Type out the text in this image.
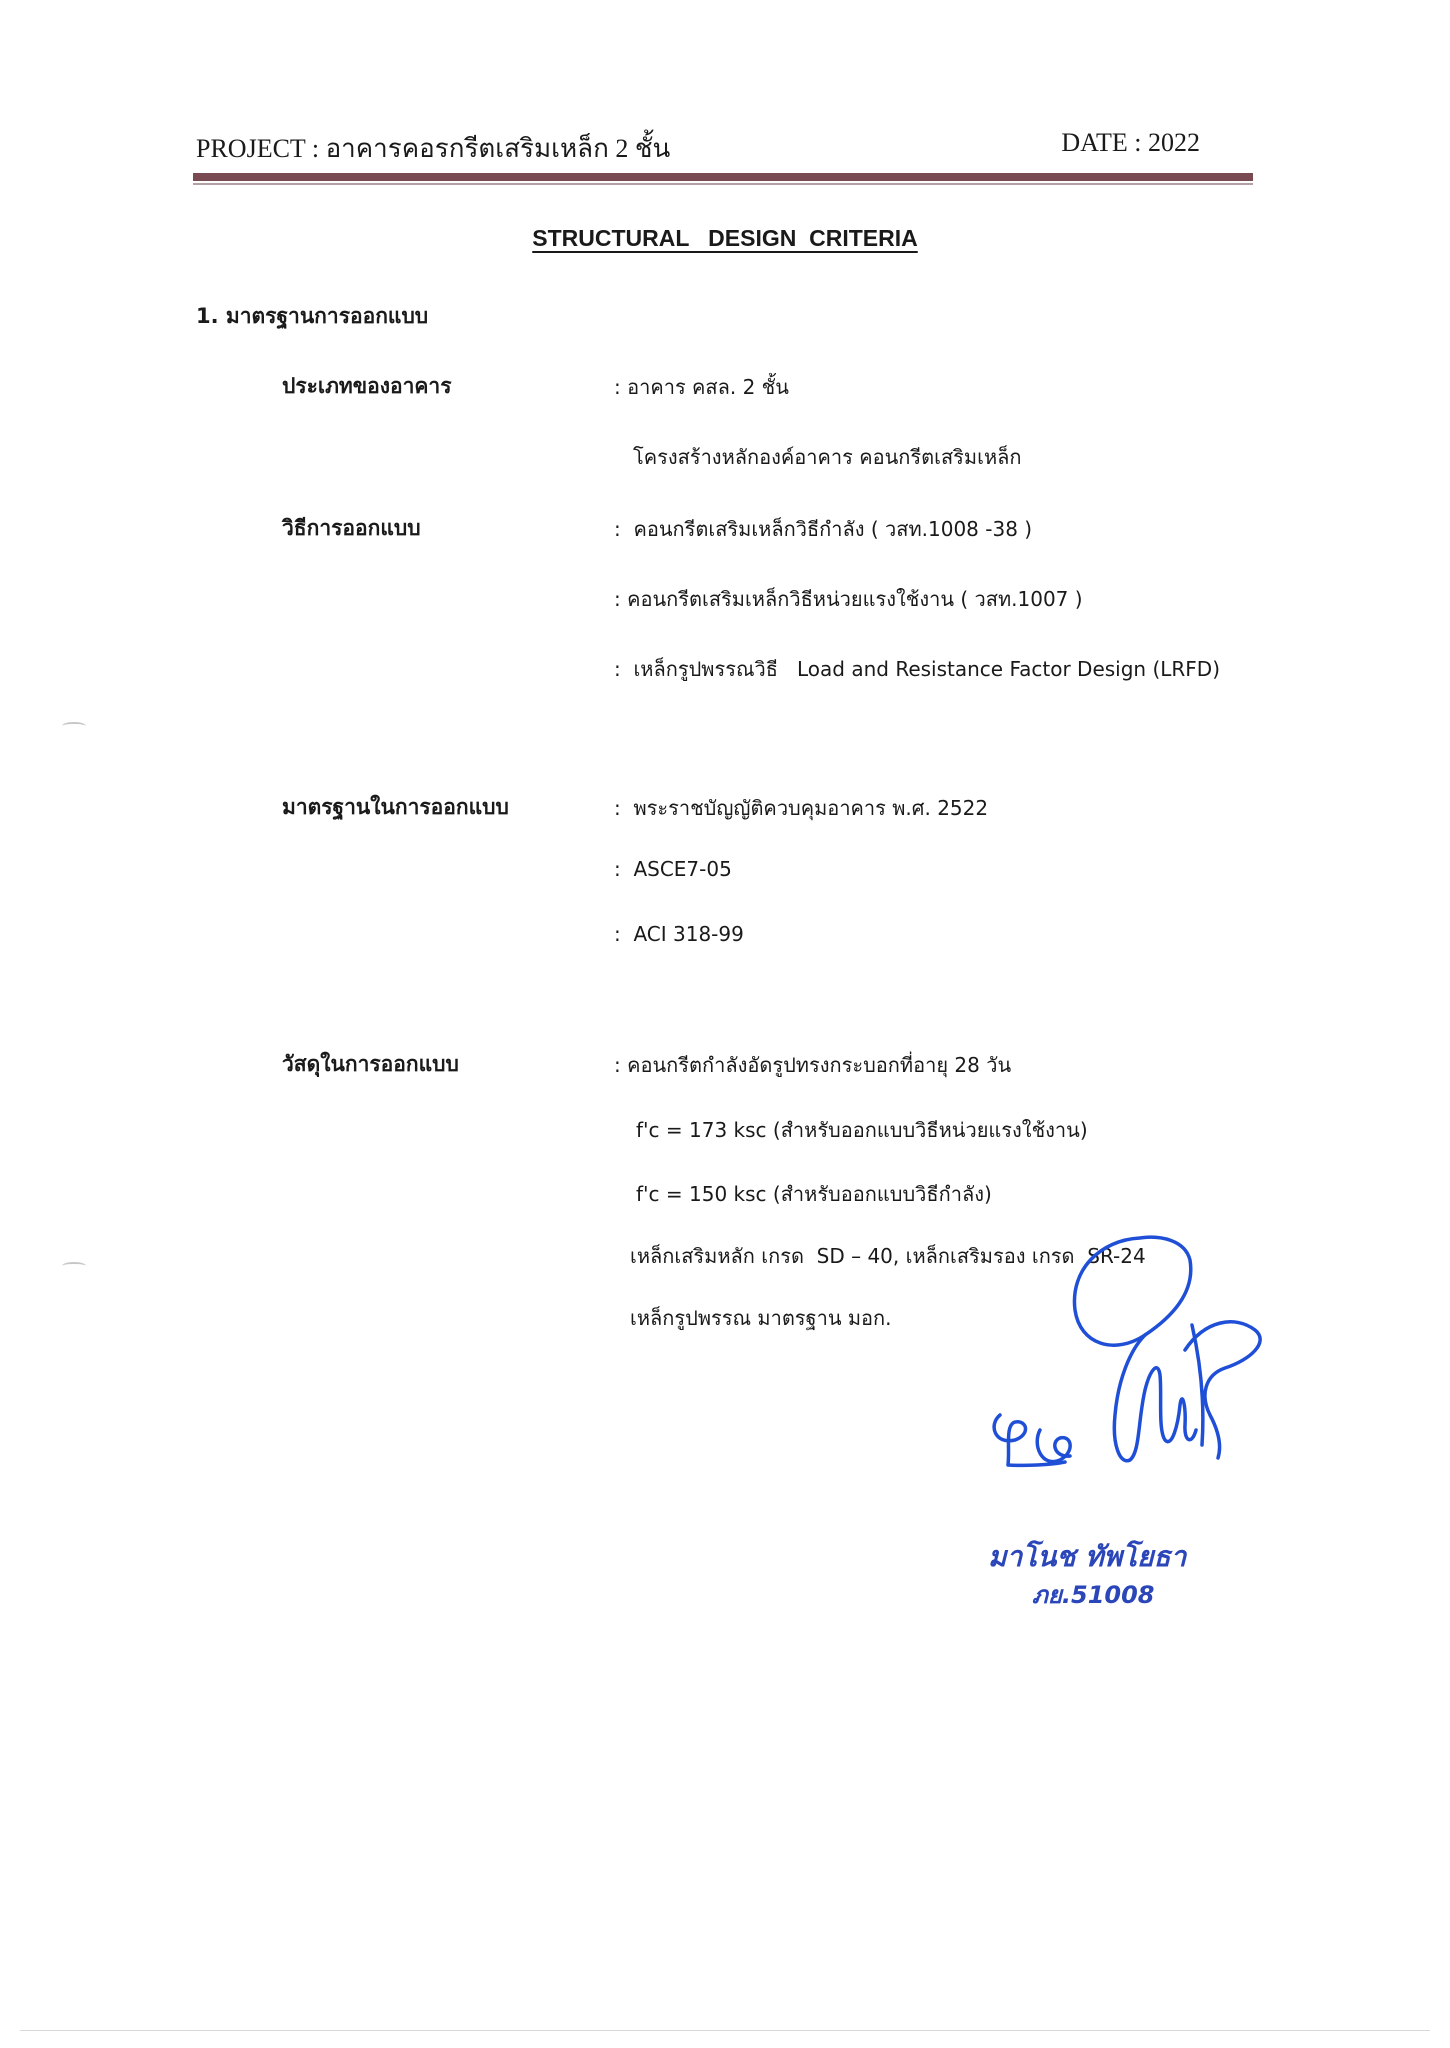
PROJECT : อาคารคอรกรีตเสริมเหล็ก 2 ชั้น	DATE : 2022
STRUCTURAL   DESIGN  CRITERIA
1. มาตรฐานการออกแบบ
ประเภทของอาคาร	: อาคาร คสล. 2 ชั้น
โครงสร้างหลักองค์อาคาร คอนกรีตเสริมเหล็ก
วิธีการออกแบบ	:  คอนกรีตเสริมเหล็กวิธีกำลัง ( วสท.1008 -38 )
: คอนกรีตเสริมเหล็กวิธีหน่วยแรงใช้งาน ( วสท.1007 )
:  เหล็กรูปพรรณวิธี   Load and Resistance Factor Design (LRFD)
มาตรฐานในการออกแบบ	:  พระราชบัญญัติควบคุมอาคาร พ.ศ. 2522
:  ASCE7-05
:  ACI 318-99
วัสดุในการออกแบบ	: คอนกรีตกำลังอัดรูปทรงกระบอกที่อายุ 28 วัน
f'c = 173 ksc (สำหรับออกแบบวิธีหน่วยแรงใช้งาน)
f'c = 150 ksc (สำหรับออกแบบวิธีกำลัง)
เหล็กเสริมหลัก เกรด  SD – 40, เหล็กเสริมรอง เกรด  SR-24
เหล็กรูปพรรณ มาตรฐาน มอก.
มาโนช ทัพโยธา
ภย.51008
